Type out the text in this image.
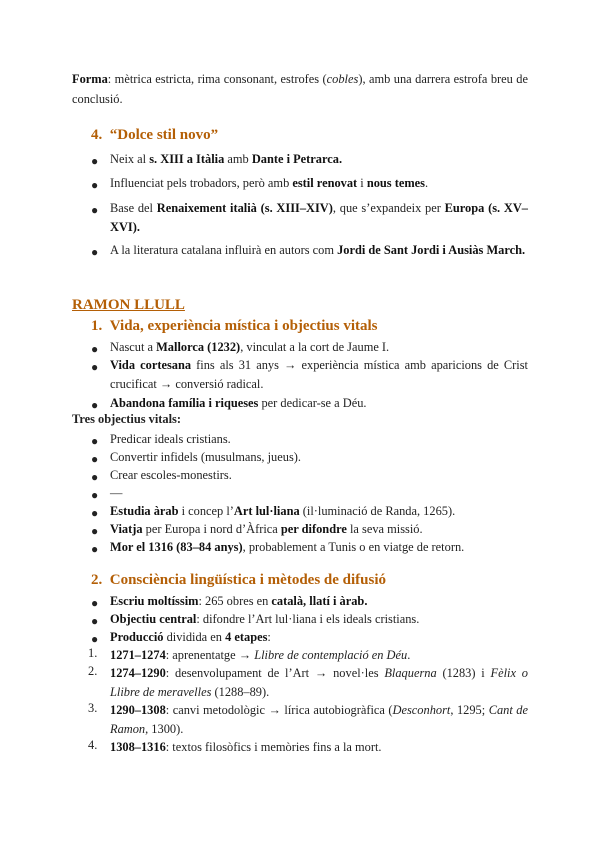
Forma: mètrica estricta, rima consonant, estrofes (cobles), amb una darrera estrofa breu de conclusió.
4. “Dolce stil novo”
● Neix al s. XIII a Itàlia amb Dante i Petrarca.
● Influenciat pels trobadors, però amb estil renovat i nous temes.
● Base del Renaixement italià (s. XIII–XIV), que s’expandeix per Europa (s. XV–XVI).
● A la literatura catalana influirà en autors com Jordi de Sant Jordi i Ausiàs March.
RAMON LLULL
1. Vida, experiència mística i objectius vitals
● Nascut a Mallorca (1232), vinculat a la cort de Jaume I.
● Vida cortesana fins als 31 anys → experiència mística amb aparicions de Crist crucificat → conversió radical.
● Abandona família i riqueses per dedicar-se a Déu.
Tres objectius vitals:
● Predicar ideals cristians.
● Convertir infidels (musulmans, jueus).
● Crear escoles-monestirs.
● —
● Estudia àrab i concep l’Art lul·liana (il·luminació de Randa, 1265).
● Viatja per Europa i nord d’Àfrica per difondre la seva missió.
● Mor el 1316 (83–84 anys), probablement a Tunis o en viatge de retorn.
2. Consciència lingüística i mètodes de difusió
● Escriu moltíssim: 265 obres en català, llatí i àrab.
● Objectiu central: difondre l’Art lul·liana i els ideals cristians.
● Producció dividida en 4 etapes:
1. 1271–1274: aprenentatge → Llibre de contemplació en Déu.
2. 1274–1290: desenvolupament de l’Art → novel·les Blaquerna (1283) i Fèlix o Llibre de meravelles (1288–89).
3. 1290–1308: canvi metodològic → lírica autobiogràfica (Desconhort, 1295; Cant de Ramon, 1300).
4. 1308–1316: textos filosòfics i memòries fins a la mort.
